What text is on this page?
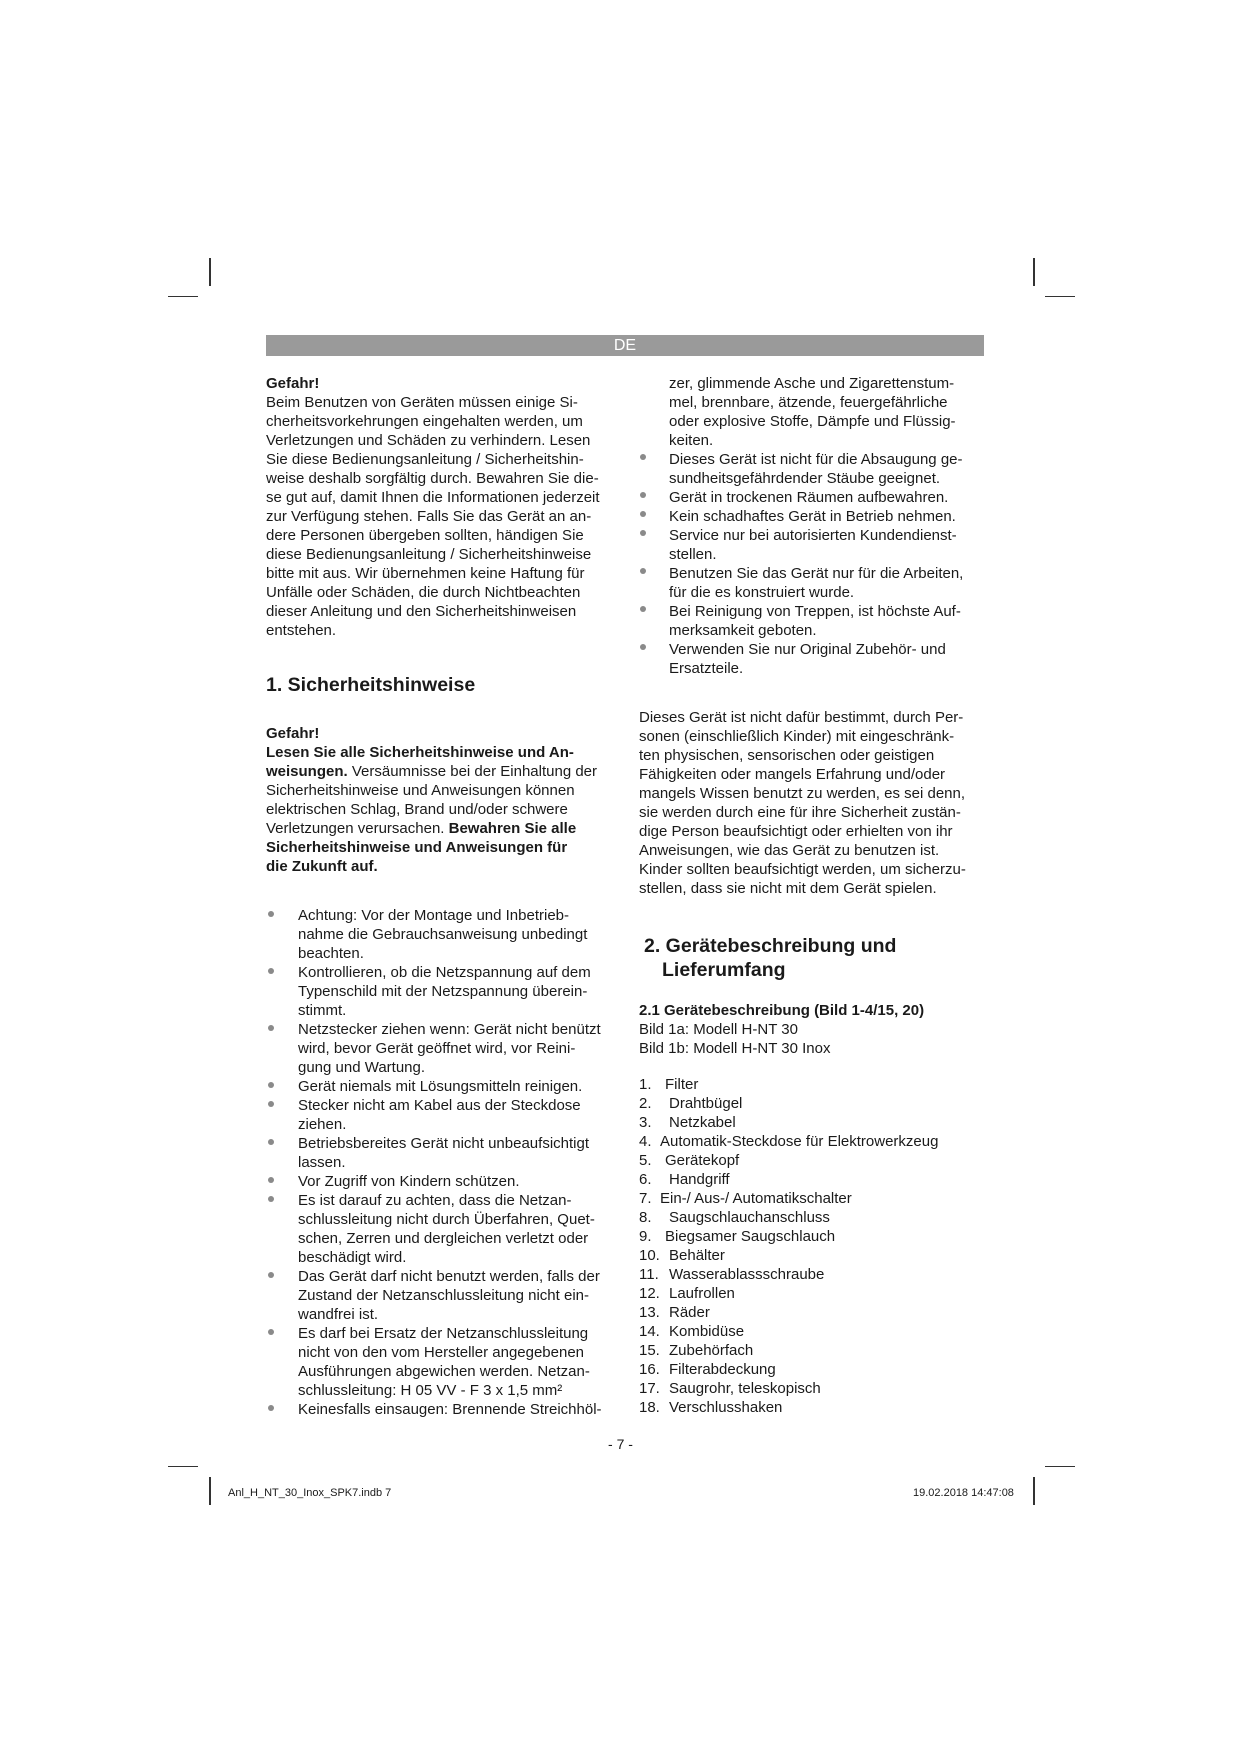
DE

Gefahr!

Beim Benutzen von Geräten müssen einige Si-

cherheitsvorkehrungen eingehalten werden, um

Verletzungen und Schäden zu verhindern. Lesen

Sie diese Bedienungsanleitung / Sicherheitshin-

weise deshalb sorgfältig durch. Bewahren Sie die-

se gut auf, damit Ihnen die Informationen jederzeit

zur Verfügung stehen. Falls Sie das Gerät an an-

dere Personen übergeben sollten, händigen Sie

diese Bedienungsanleitung / Sicherheitshinweise

bitte mit aus. Wir übernehmen keine Haftung für

Unfälle oder Schäden, die durch Nichtbeachten

dieser Anleitung und den Sicherheitshinweisen

entstehen.

1. Sicherheitshinweise

Gefahr!

Lesen Sie alle Sicherheitshinweise und An-

weisungen. Versäumnisse bei der Einhaltung der

Sicherheitshinweise und Anweisungen können

elektrischen Schlag, Brand und/oder schwere

Verletzungen verursachen. Bewahren Sie alle

Sicherheitshinweise und Anweisungen für

die Zukunft auf.

Achtung: Vor der Montage und Inbetrieb-

nahme die Gebrauchsanweisung unbedingt

beachten.

Kontrollieren, ob die Netzspannung auf dem

Typenschild mit der Netzspannung überein-

stimmt.

Netzstecker ziehen wenn: Gerät nicht benützt

wird, bevor Gerät geöffnet wird, vor Reini-

gung und Wartung.

Gerät niemals mit Lösungsmitteln reinigen.

Stecker nicht am Kabel aus der Steckdose

ziehen.

Betriebsbereites Gerät nicht unbeaufsichtigt

lassen.

Vor Zugriff von Kindern schützen.

Es ist darauf zu achten, dass die Netzan-

schlussleitung nicht durch Überfahren, Quet-

schen, Zerren und dergleichen verletzt oder

beschädigt wird.

Das Gerät darf nicht benutzt werden, falls der

Zustand der Netzanschlussleitung nicht ein-

wandfrei ist.

Es darf bei Ersatz der Netzanschlussleitung

nicht von den vom Hersteller angegebenen

Ausführungen abgewichen werden. Netzan-

schlussleitung: H 05 VV - F 3 x 1,5 mm²

Keinesfalls einsaugen: Brennende Streichhöl-

zer, glimmende Asche und Zigarettenstum-

mel, brennbare, ätzende, feuergefährliche

oder explosive Stoffe, Dämpfe und Flüssig-

keiten.

Dieses Gerät ist nicht für die Absaugung ge-

sundheitsgefährdender Stäube geeignet.

Gerät in trockenen Räumen aufbewahren.

Kein schadhaftes Gerät in Betrieb nehmen.

Service nur bei autorisierten Kundendienst-

stellen.

Benutzen Sie das Gerät nur für die Arbeiten,

für die es konstruiert wurde.

Bei Reinigung von Treppen, ist höchste Auf-

merksamkeit geboten.

Verwenden Sie nur Original Zubehör- und

Ersatzteile.

Dieses Gerät ist nicht dafür bestimmt, durch Per-

sonen (einschließlich Kinder) mit eingeschränk-

ten physischen, sensorischen oder geistigen

Fähigkeiten oder mangels Erfahrung und/oder

mangels Wissen benutzt zu werden, es sei denn,

sie werden durch eine für ihre Sicherheit zustän-

dige Person beaufsichtigt oder erhielten von ihr

Anweisungen, wie das Gerät zu benutzen ist.

Kinder sollten beaufsichtigt werden, um sicherzu-

stellen, dass sie nicht mit dem Gerät spielen.

2. Gerätebeschreibung und

Lieferumfang

2.1 Gerätebeschreibung (Bild 1-4/15, 20)

Bild 1a: Modell H-NT 30

Bild 1b: Modell H-NT 30 Inox

1. Filter
2. Drahtbügel
3. Netzkabel
4. Automatik-Steckdose für Elektrowerkzeug
5. Gerätekopf
6. Handgriff
7. Ein-/ Aus-/ Automatikschalter
8. Saugschlauchanschluss
9. Biegsamer Saugschlauch
10. Behälter
11. Wasserablassschraube
12. Laufrollen
13. Räder
14. Kombidüse
15. Zubehörfach
16. Filterabdeckung
17. Saugrohr, teleskopisch
18. Verschlusshaken
- 7 -
Anl_H_NT_30_Inox_SPK7.indb 7	19.02.2018 14:47:08
